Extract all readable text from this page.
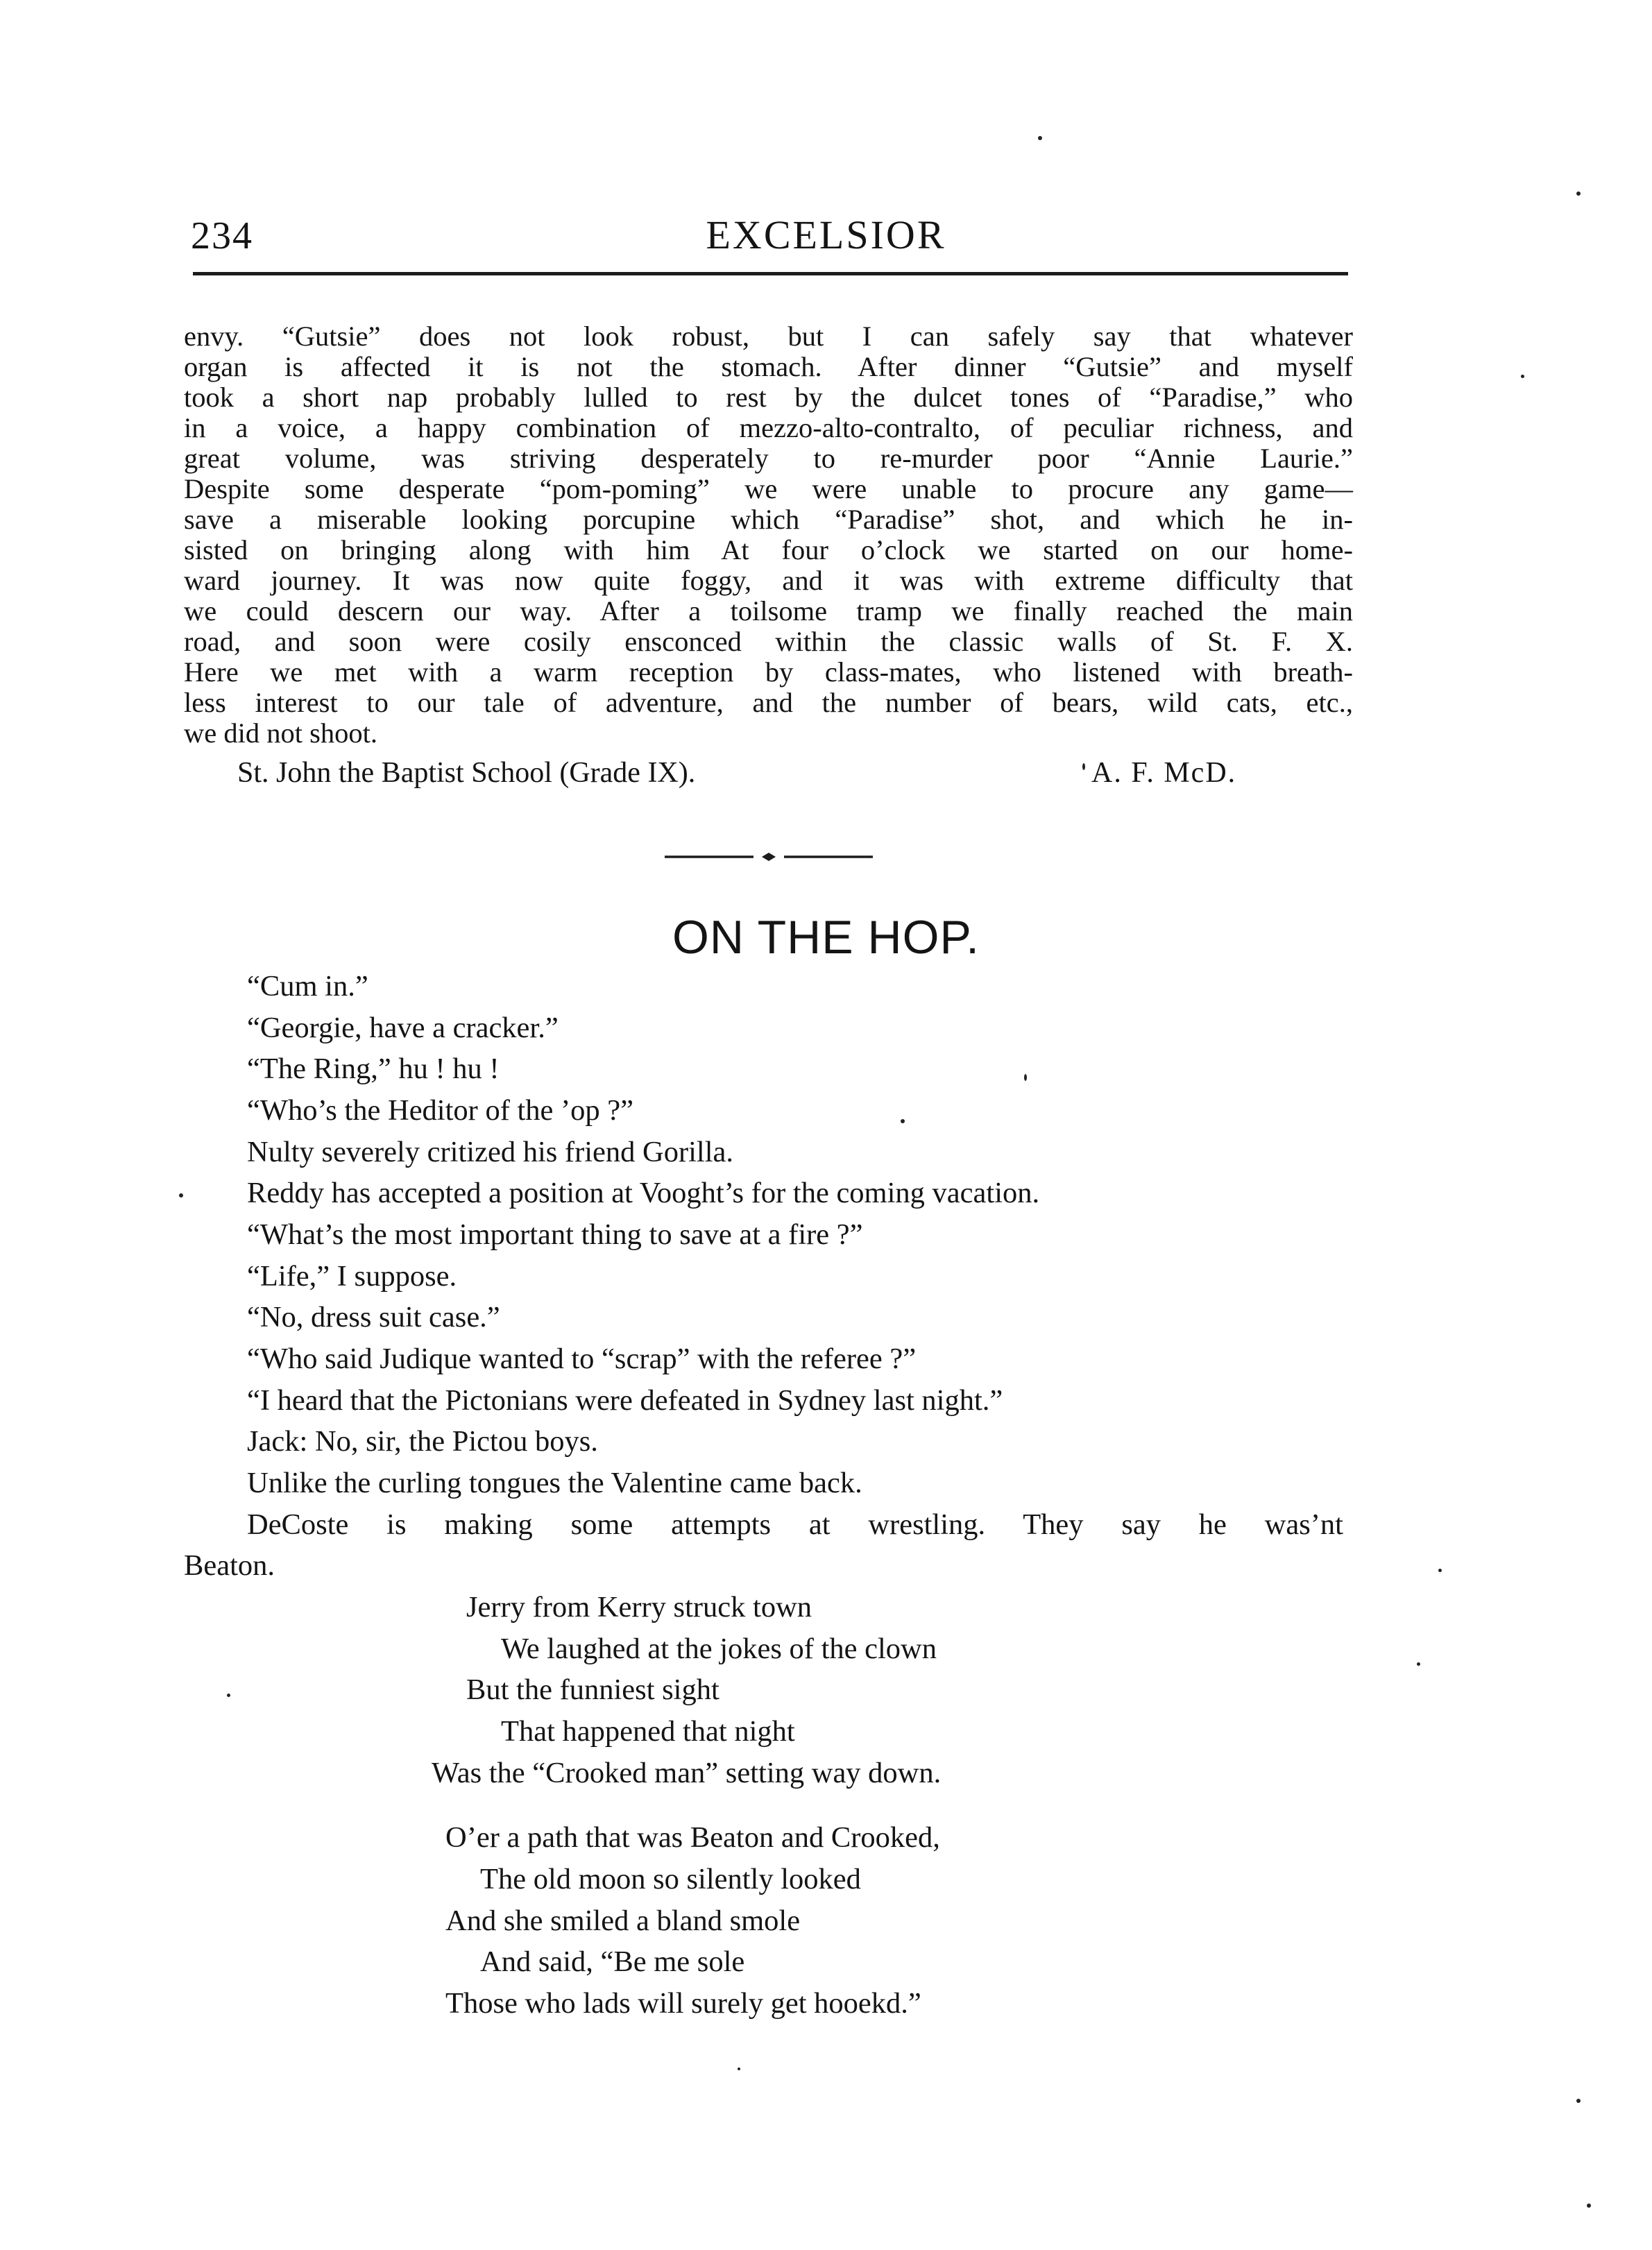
234	EXCELSIOR
envy. “Gutsie” does not look robust, but I can safely say that whatever
organ is affected it is not the stomach. After dinner “Gutsie” and myself
took a short nap probably lulled to rest by the dulcet tones of “Paradise,” who
in a voice, a happy combination of mezzo-alto-contralto, of peculiar richness, and
great volume, was striving desperately to re-murder poor “Annie Laurie.”
Despite some desperate “pom-poming” we were unable to procure any game—
save a miserable looking porcupine which “Paradise” shot, and which he in-
sisted on bringing along with him At four o’clock we started on our home-
ward journey. It was now quite foggy, and it was with extreme difficulty that
we could descern our way. After a toilsome tramp we finally reached the main
road, and soon were cosily ensconced within the classic walls of St. F. X.
Here we met with a warm reception by class-mates, who listened with breath-
less interest to our tale of adventure, and the number of bears, wild cats, etc.,
we did not shoot.
St. John the Baptist School (Grade IX).	A. F. McD.
ON THE HOP.
“Cum in.”
“Georgie, have a cracker.”
“The Ring,” hu ! hu !
“Who’s the Heditor of the ’op ?”
Nulty severely critized his friend Gorilla.
Reddy has accepted a position at Vooght’s for the coming vacation.
“What’s the most important thing to save at a fire ?”
“Life,” I suppose.
“No, dress suit case.”
“Who said Judique wanted to “scrap” with the referee ?”
“I heard that the Pictonians were defeated in Sydney last night.”
Jack: No, sir, the Pictou boys.
Unlike the curling tongues the Valentine came back.
DeCoste is making some attempts at wrestling. They say he was’nt
Beaton.
Jerry from Kerry struck town
We laughed at the jokes of the clown
But the funniest sight
That happened that night
Was the “Crooked man” setting way down.
O’er a path that was Beaton and Crooked,
The old moon so silently looked
And she smiled a bland smole
And said, “Be me sole
Those who lads will surely get hooekd.”
